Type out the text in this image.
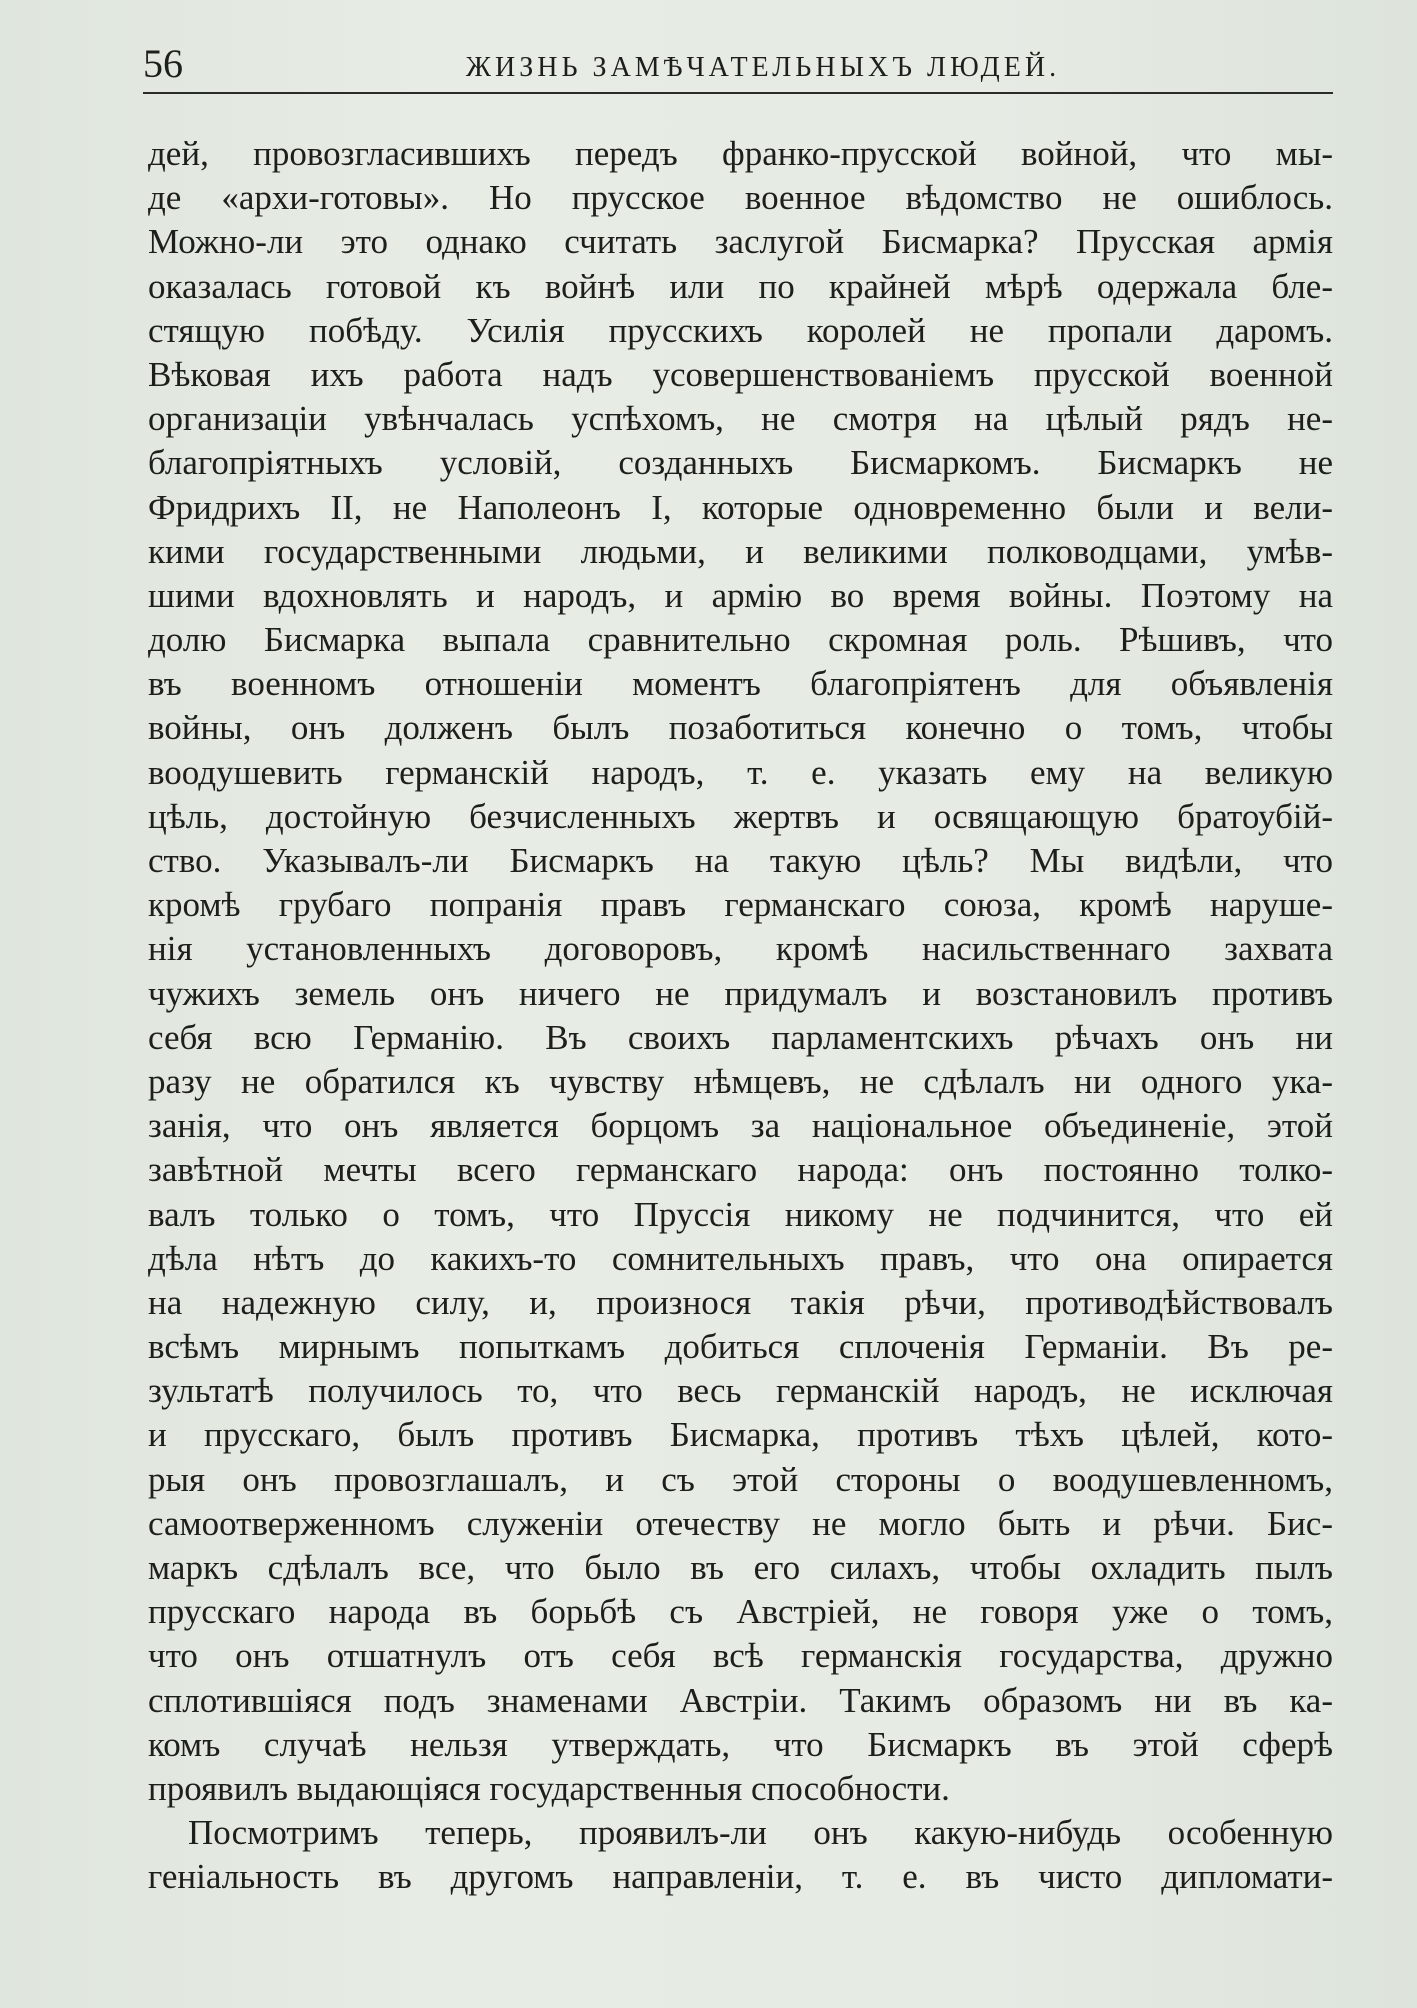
56	ЖИЗНЬ ЗАМѢЧАТЕЛЬНЫХЪ ЛЮДЕЙ.
дей, провозгласившихъ передъ франко-прусской войной, что мы-
де «архи-готовы». Но прусское военное вѣдомство не ошиблось.
Можно-ли это однако считать заслугой Бисмарка? Прусская армія
оказалась готовой къ войнѣ или по крайней мѣрѣ одержала бле-
стящую побѣду. Усилія прусскихъ королей не пропали даромъ.
Вѣковая ихъ работа надъ усовершенствованіемъ прусской военной
организаціи увѣнчалась успѣхомъ, не смотря на цѣлый рядъ не-
благопріятныхъ условій, созданныхъ Бисмаркомъ. Бисмаркъ не
Фридрихъ II, не Наполеонъ I, которые одновременно были и вели-
кими государственными людьми, и великими полководцами, умѣв-
шими вдохновлять и народъ, и армію во время войны. Поэтому на
долю Бисмарка выпала сравнительно скромная роль. Рѣшивъ, что
въ военномъ отношеніи моментъ благопріятенъ для объявленія
войны, онъ долженъ былъ позаботиться конечно о томъ, чтобы
воодушевить германскій народъ, т. е. указать ему на великую
цѣль, достойную безчисленныхъ жертвъ и освящающую братоубій-
ство. Указывалъ-ли Бисмаркъ на такую цѣль? Мы видѣли, что
кромѣ грубаго попранія правъ германскаго союза, кромѣ наруше-
нія установленныхъ договоровъ, кромѣ насильственнаго захвата
чужихъ земель онъ ничего не придумалъ и возстановилъ противъ
себя всю Германію. Въ своихъ парламентскихъ рѣчахъ онъ ни
разу не обратился къ чувству нѣмцевъ, не сдѣлалъ ни одного ука-
занія, что онъ является борцомъ за національное объединеніе, этой
завѣтной мечты всего германскаго народа: онъ постоянно толко-
валъ только о томъ, что Пруссія никому не подчинится, что ей
дѣла нѣтъ до какихъ-то сомнительныхъ правъ, что она опирается
на надежную силу, и, произнося такія рѣчи, противодѣйствовалъ
всѣмъ мирнымъ попыткамъ добиться сплоченія Германіи. Въ ре-
зультатѣ получилось то, что весь германскій народъ, не исключая
и прусскаго, былъ противъ Бисмарка, противъ тѣхъ цѣлей, кото-
рыя онъ провозглашалъ, и съ этой стороны о воодушевленномъ,
самоотверженномъ служеніи отечеству не могло быть и рѣчи. Бис-
маркъ сдѣлалъ все, что было въ его силахъ, чтобы охладить пылъ
прусскаго народа въ борьбѣ съ Австріей, не говоря уже о томъ,
что онъ отшатнулъ отъ себя всѣ германскія государства, дружно
сплотившіяся подъ знаменами Австріи. Такимъ образомъ ни въ ка-
комъ случаѣ нельзя утверждать, что Бисмаркъ въ этой сферѣ
проявилъ выдающіяся государственныя способности.
Посмотримъ теперь, проявилъ-ли онъ какую-нибудь особенную
геніальность въ другомъ направленіи, т. е. въ чисто дипломати-
